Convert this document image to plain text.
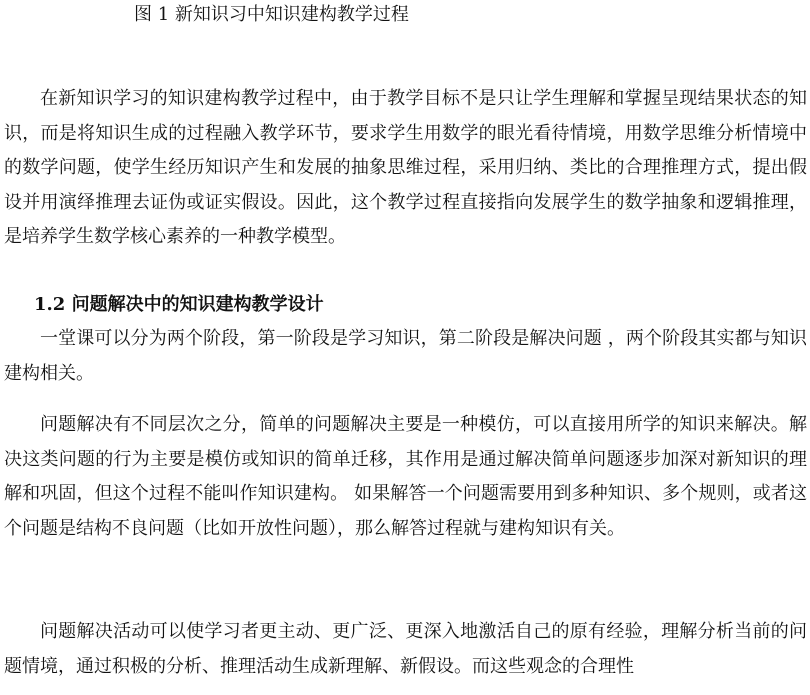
图 1 新知识习中知识建构教学过程

在新知识学习的知识建构教学过程中，由于教学目标不是只让学生理解和掌握呈现结果状态的知识，而是将知识生成的过程融入教学环节，要求学生用数学的眼光看待情境，用数学思维分析情境中的数学问题，使学生经历知识产生和发展的抽象思维过程，采用归纳、类比的合理推理方式，提出假设并用演绎推理去证伪或证实假设。因此，这个教学过程直接指向发展学生的数学抽象和逻辑推理，是培养学生数学核心素养的一种教学模型。

1.2 问题解决中的知识建构教学设计

一堂课可以分为两个阶段，第一阶段是学习知识，第二阶段是解决问题 ，两个阶段其实都与知识建构相关。

问题解决有不同层次之分，简单的问题解决主要是一种模仿，可以直接用所学的知识来解决。解决这类问题的行为主要是模仿或知识的简单迁移，其作用是通过解决简单问题逐步加深对新知识的理解和巩固，但这个过程不能叫作知识建构。 如果解答一个问题需要用到多种知识、多个规则，或者这个问题是结构不良问题（比如开放性问题），那么解答过程就与建构知识有关。

问题解决活动可以使学习者更主动、更广泛、更深入地激活自己的原有经验，理解分析当前的问题情境，通过积极的分析、推理活动生成新理解、新假设。而这些观念的合理性
